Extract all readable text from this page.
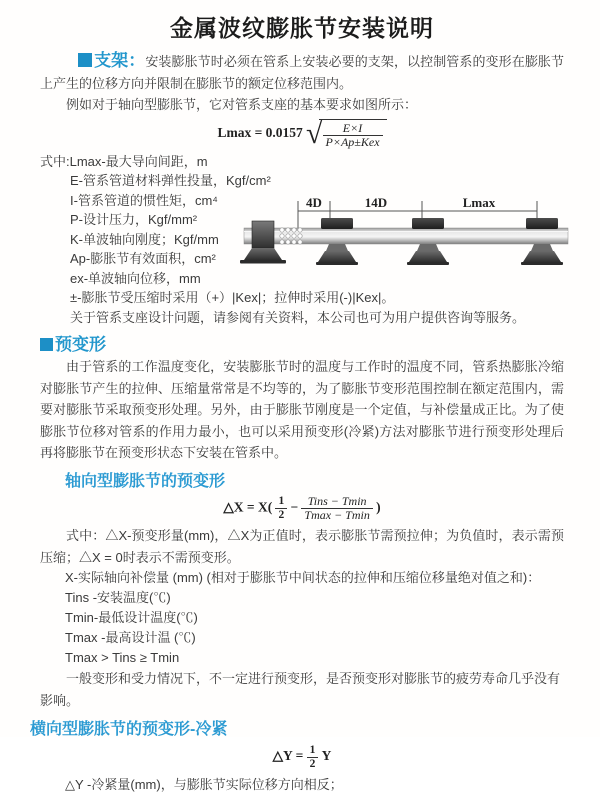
金属波纹膨胀节安装说明

支架：安装膨胀节时必须在管系上安装必要的支架，以控制管系的变形在膨胀节上产生的位移方向并限制在膨胀节的额定位移范围内。

例如对于轴向型膨胀节，它对管系支座的基本要求如图所示：

Lmax = 0.0157 √ $\frac{E\times I}{\text{P×Ap±Kex}}$

式中:Lmax-最大导向间距，m

E-管系管道材料弹性投量，Kgf/cm²

I-管系管道的惯性矩，cm⁴

P-设计压力，Kgf/mm²

K-单波轴向刚度；Kgf/mm

Ap-膨胀节有效面积，cm²

ex-单波轴向位移，mm

±-膨胀节受压缩时采用（+）|Kex|；拉伸时采用(-)|Kex|。

关于管系支座设计问题，请参阅有关资料，本公司也可为用户提供咨询等服务。

预变形

由于管系的工作温度变化，安装膨胀节时的温度与工作时的温度不同，管系热膨胀冷缩对膨胀节产生的拉伸、压缩量常常是不均等的，为了膨胀节变形范围控制在额定范围内，需要对膨胀节采取预变形处理。另外，由于膨胀节刚度是一个定值，与补偿量成正比。为了使膨胀节位移对管系的作用力最小，也可以采用预变形(冷紧)方法对膨胀节进行预变形处理后再将膨胀节在预变形状态下安装在管系中。

轴向型膨胀节的预变形
△X = $X( \frac{1}{2} - \frac{\text{Tins − Tmin}}{Tmax - Tmin}$ )

式中：△X-预变形量(mm)，△X为正值时，表示膨胀节需预拉伸；为负值时，表示需预压缩；△X = 0时表示不需预变形。

X-实际轴向补偿量 (mm) (相对于膨胀节中间状态的拉伸和压缩位移量绝对值之和)：

Tins -安装温度(℃)

Tmin-最低设计温度(℃)

Tmax -最高设计温 (℃)

Tmax > Tins ≥ Tmin

一般变形和受力情况下，不一定进行预变形，是否预变形对膨胀节的疲劳寿命几乎没有影响。

横向型膨胀节的预变形-冷紧
△Y = $\frac{1}{2}$ Y

△Y -冷紧量(mm)，与膨胀节实际位移方向相反；

4D	14D	Lmax
